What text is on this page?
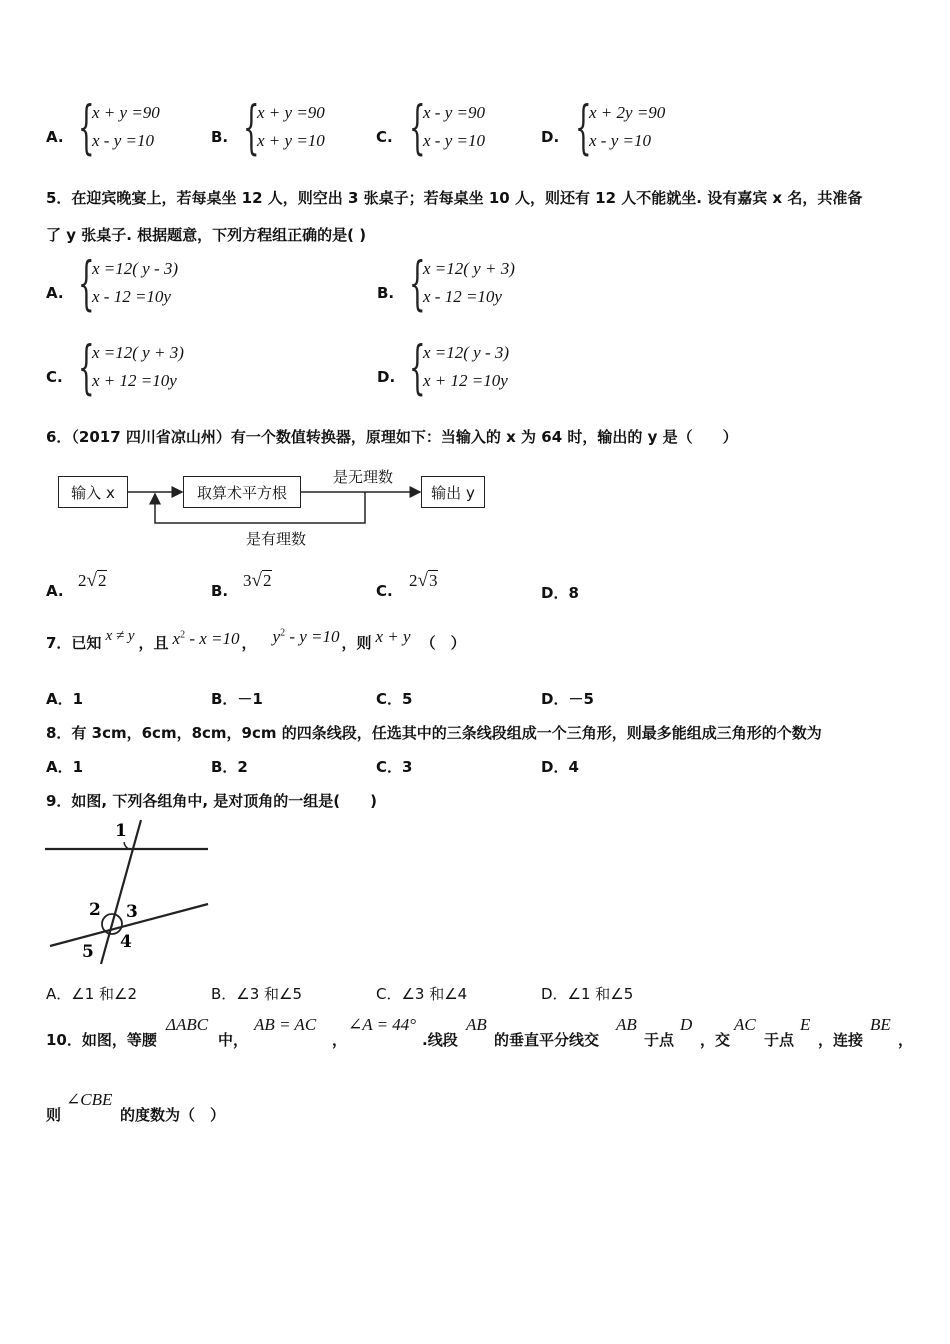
A. {
x + y =90
x - y =10	B. {
x + y =90
x + y =10	C. {
x - y =90
x - y =10	D. {
x + 2y =90
x - y =10
5．在迎宾晚宴上，若每桌坐 12 人，则空出 3 张桌子；若每桌坐 10 人，则还有 12 人不能就坐. 设有嘉宾 x 名，共准备
了 y 张桌子. 根据题意，下列方程组正确的是( )
A. {
x =12( y - 3)
x - 12 =10y	B. {
x =12( y + 3)
x - 12 =10y
C. {
x =12( y + 3)
x + 12 =10y	D. {
x =12( y - 3)
x + 12 =10y
6．（2017 四川省凉山州）有一个数值转换器，原理如下：当输入的 x 为 64 时，输出的 y 是（　　）
输入 x	取算术平方根	输出 y
是无理数
是有理数
A.
2√2
B.
3√2
C.
2√3
D．8
7．已知 x ≠ y ，且 $x^2 - x =10$ ， $y^2 - y =10$ ，则 x + y （　）
A．1	B．－1	C．5	D．－5
8．有 3cm，6cm，8cm，9cm 的四条线段，任选其中的三条线段组成一个三角形，则最多能组成三角形的个数为
A．1	B．2	C．3	D．4
9．如图, 下列各组角中, 是对顶角的一组是(　　)
1
2 3
4
5
A．∠1 和∠2	B．∠3 和∠5	C．∠3 和∠4	D．∠1 和∠5
10．如图，等腰
ΔABC
中，
AB = AC
，
∠A = 44°
.线段
AB
的垂直平分线交
AB
于点
D
，交
AC
于点
E
，连接
BE
，
则
∠CBE
的度数为（　）
